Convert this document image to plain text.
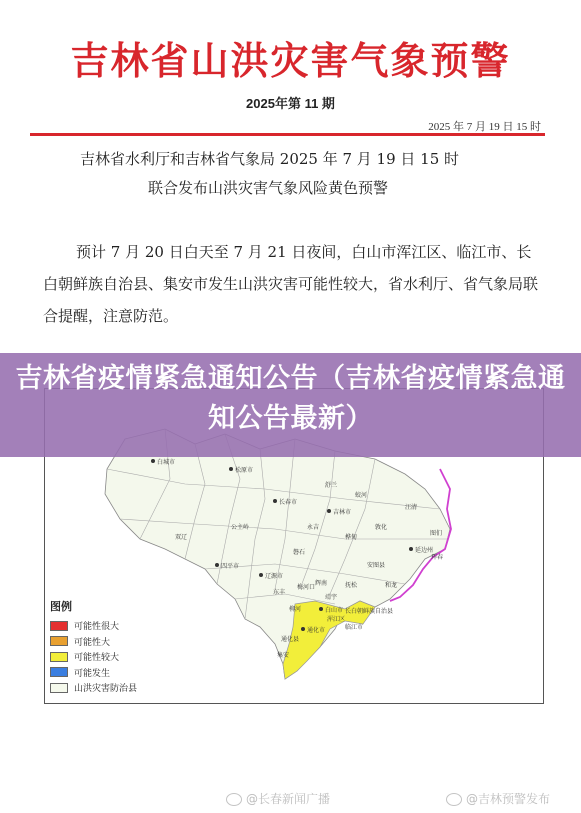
吉林省山洪灾害气象预警
2025年第 11 期
2025 年 7 月 19 日 15 时
吉林省水利厅和吉林省气象局 2025 年 7 月 19 日 15 时
联合发布山洪灾害气象风险黄色预警
预计 7 月 20 日白天至 7 月 21 日夜间，白山市浑江区、临江市、长白朝鲜族自治县、集安市发生山洪灾害可能性较大，省水利厅、省气象局联合提醒，注意防范。
白城市
松原市
长春市
吉林市
延边州
四平市
辽源市
通化市
白山市
安图县
桦甸
敦化
蛟河
舒兰
永吉
磐石
东丰
梅河口
柳河
辉南
通化县
集安
浑江区
临江市
长白朝鲜族自治县
靖宇
抚松
汪清
和龙
图们
珲春
公主岭
双辽
图例
可能性很大
可能性大
可能性较大
可能发生
山洪灾害防治县
吉林省疫情紧急通知公告（吉林省疫情紧急通知公告最新）
@长春新闻广播	@吉林预警发布
